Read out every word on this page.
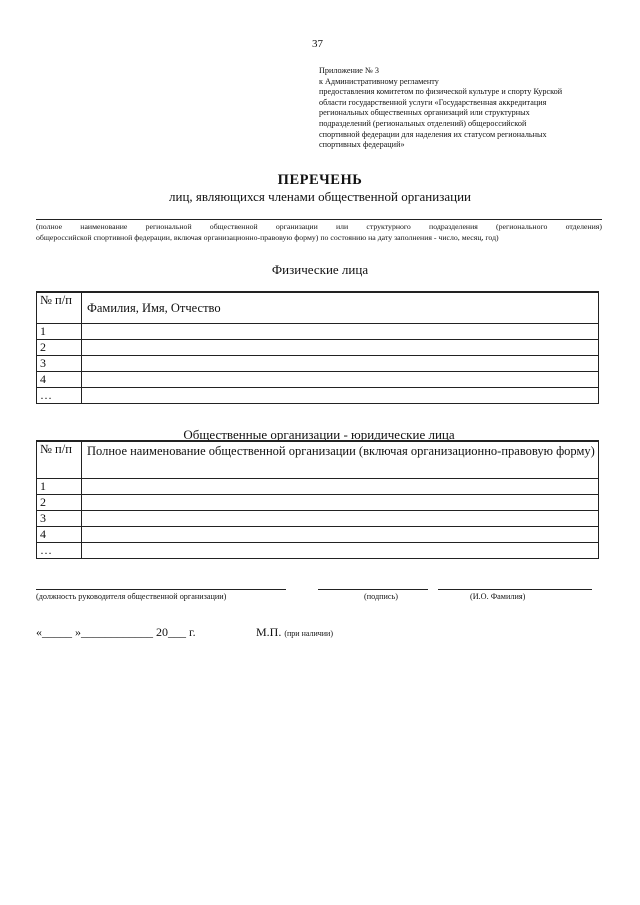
37
Приложение № 3
к Административному регламенту
предоставления комитетом по физической культуре и спорту Курской
области государственной услуги «Государственная аккредитация
региональных общественных организаций или структурных
подразделений (региональных отделений) общероссийской
спортивной федерации для наделения их статусом региональных
спортивных федераций»
ПЕРЕЧЕНЬ
лиц, являющихся членами общественной организации
(полное наименование региональной общественной организации или структурного подразделения (регионального отделения)
общероссийской спортивной федерации, включая организационно-правовую форму) по состоянию на дату заполнения - число, месяц, год)
Физические лица
№ п/п	Фамилия, Имя, Отчество
1	
2	
3	
4	
…	
Общественные организации - юридические лица
№ п/п	Полное наименование общественной организации (включая организационно-правовую форму)
1	
2	
3	
4	
…	
(должность руководителя общественной организации)	(подпись)	(И.О. Фамилия)
«_____ »____________ 20___ г.	М.П. (при наличии)
